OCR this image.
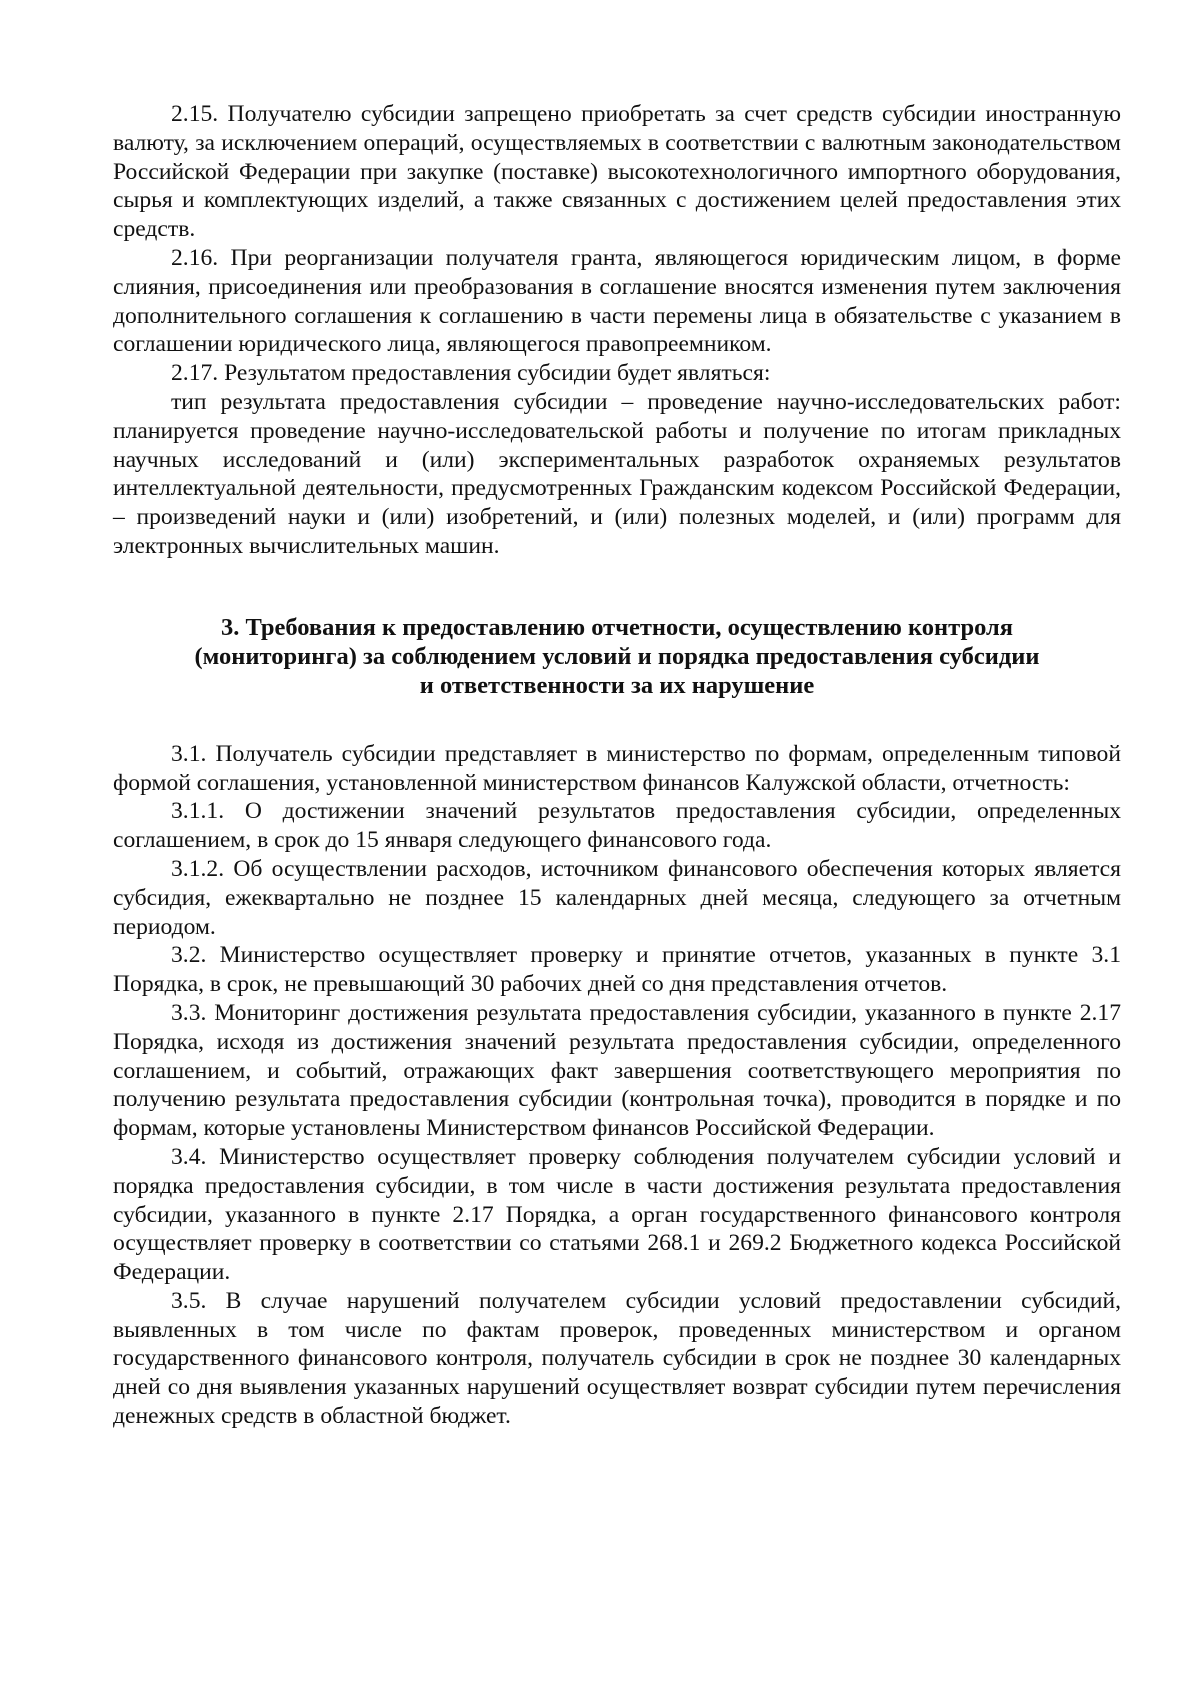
2.15. Получателю субсидии запрещено приобретать за счет средств субсидии иностранную валюту, за исключением операций, осуществляемых в соответствии с валютным законодательством Российской Федерации при закупке (поставке) высокотехнологичного импортного оборудования, сырья и комплектующих изделий, а также связанных с достижением целей предоставления этих средств.

2.16. При реорганизации получателя гранта, являющегося юридическим лицом, в форме слияния, присоединения или преобразования в соглашение вносятся изменения путем заключения дополнительного соглашения к соглашению в части перемены лица в обязательстве с указанием в соглашении юридического лица, являющегося правопреемником.

2.17. Результатом предоставления субсидии будет являться:

тип результата предоставления субсидии – проведение научно-исследовательских работ: планируется проведение научно-исследовательской работы и получение по итогам прикладных научных исследований и (или) экспериментальных разработок охраняемых результатов интеллектуальной деятельности, предусмотренных Гражданским кодексом Российской Федерации, – произведений науки и (или) изобретений, и (или) полезных моделей, и (или) программ для электронных вычислительных машин.

3. Требования к предоставлению отчетности, осуществлению контроля
(мониторинга) за соблюдением условий и порядка предоставления субсидии
и ответственности за их нарушение

3.1. Получатель субсидии представляет в министерство по формам, определенным типовой формой соглашения, установленной министерством финансов Калужской области, отчетность:

3.1.1. О достижении значений результатов предоставления субсидии, определенных соглашением, в срок до 15 января следующего финансового года.

3.1.2. Об осуществлении расходов, источником финансового обеспечения которых является субсидия, ежеквартально не позднее 15 календарных дней месяца, следующего за отчетным периодом.

3.2. Министерство осуществляет проверку и принятие отчетов, указанных в пункте 3.1 Порядка, в срок, не превышающий 30 рабочих дней со дня представления отчетов.

3.3. Мониторинг достижения результата предоставления субсидии, указанного в пункте 2.17 Порядка, исходя из достижения значений результата предоставления субсидии, определенного соглашением, и событий, отражающих факт завершения соответствующего мероприятия по получению результата предоставления субсидии (контрольная точка), проводится в порядке и по формам, которые установлены Министерством финансов Российской Федерации.

3.4. Министерство осуществляет проверку соблюдения получателем субсидии условий и порядка предоставления субсидии, в том числе в части достижения результата предоставления субсидии, указанного в пункте 2.17 Порядка, а орган государственного финансового контроля осуществляет проверку в соответствии со статьями 268.1 и 269.2 Бюджетного кодекса Российской Федерации.

3.5. В случае нарушений получателем субсидии условий предоставлении субсидий, выявленных в том числе по фактам проверок, проведенных министерством и органом государственного финансового контроля, получатель субсидии в срок не позднее 30 календарных дней со дня выявления указанных нарушений осуществляет возврат субсидии путем перечисления денежных средств в областной бюджет.
